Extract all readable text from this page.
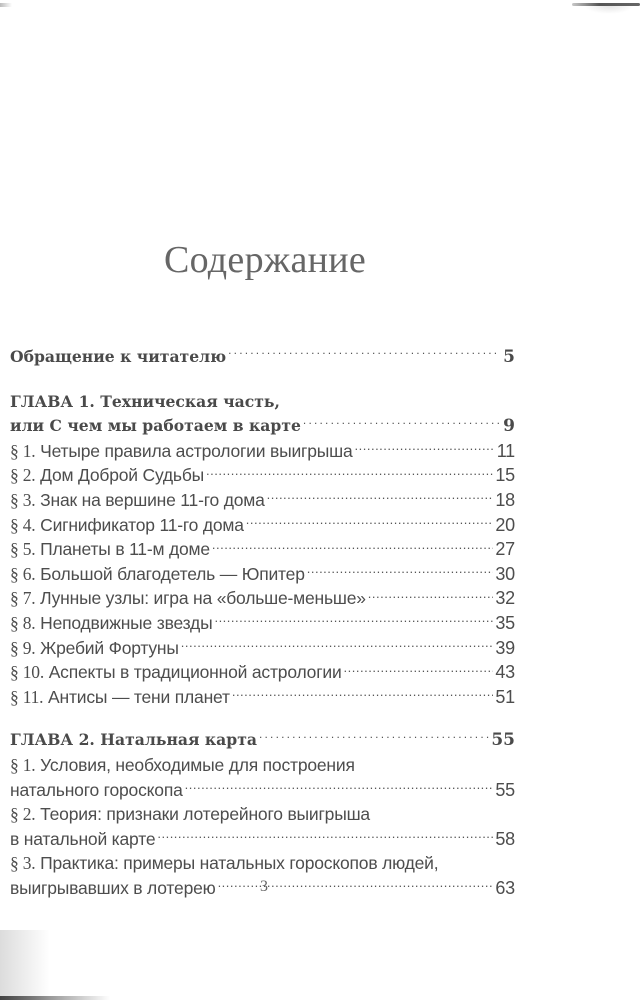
Содержание
Обращение к читателю .....	5
ГЛАВА 1. Техническая часть,
или С чем мы работаем в карте .....	9
§ 1. Четыре правила астрологии выигрыша .....	11
§ 2. Дом Доброй Судьбы .....	15
§ 3. Знак на вершине 11-го дома .....	18
§ 4. Сигнификатор 11-го дома .....	20
§ 5. Планеты в 11-м доме .....	27
§ 6. Большой благодетель — Юпитер .....	30
§ 7. Лунные узлы: игра на «больше-меньше» .....	32
§ 8. Неподвижные звезды .....	35
§ 9. Жребий Фортуны .....	39
§ 10. Аспекты в традиционной астрологии .....	43
§ 11. Антисы — тени планет .....	51
ГЛАВА 2. Натальная карта .....	55
§ 1. Условия, необходимые для построения
натального гороскопа .....	55
§ 2. Теория: признаки лотерейного выигрыша
в натальной карте .....	58
§ 3. Практика: примеры натальных гороскопов людей,
выигрывавших в лотерею .....	63
3
